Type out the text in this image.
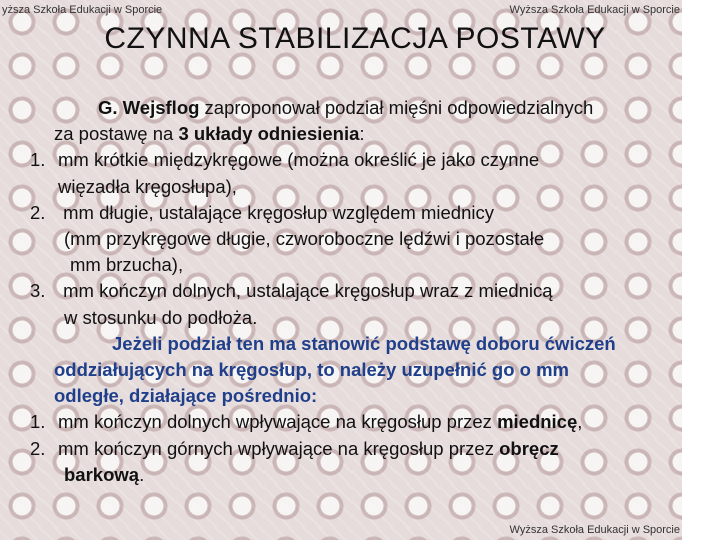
yższa Szkoła Edukacji w Sporcie	Wyższa Szkoła Edukacji w Sporcie
CZYNNA STABILIZACJA POSTAWY
G. Wejsflog zaproponował podział mięśni odpowiedzialnych
za postawę na 3 układy odniesienia:
1. mm krótkie międzykręgowe (można określić je jako czynne
więzadła kręgosłupa),
2. mm długie, ustalające kręgosłup względem miednicy
(mm przykręgowe długie, czworoboczne lędźwi i pozostałe
mm brzucha),
3. mm kończyn dolnych, ustalające kręgosłup wraz z miednicą
w stosunku do podłoża.
Jeżeli podział ten ma stanowić podstawę doboru ćwiczeń
oddziałujących na kręgosłup, to należy uzupełnić go o mm
odległe, działające pośrednio:
1. mm kończyn dolnych wpływające na kręgosłup przez miednicę,
2. mm kończyn górnych wpływające na kręgosłup przez obręcz
barkową.
Wyższa Szkoła Edukacji w Sporcie
